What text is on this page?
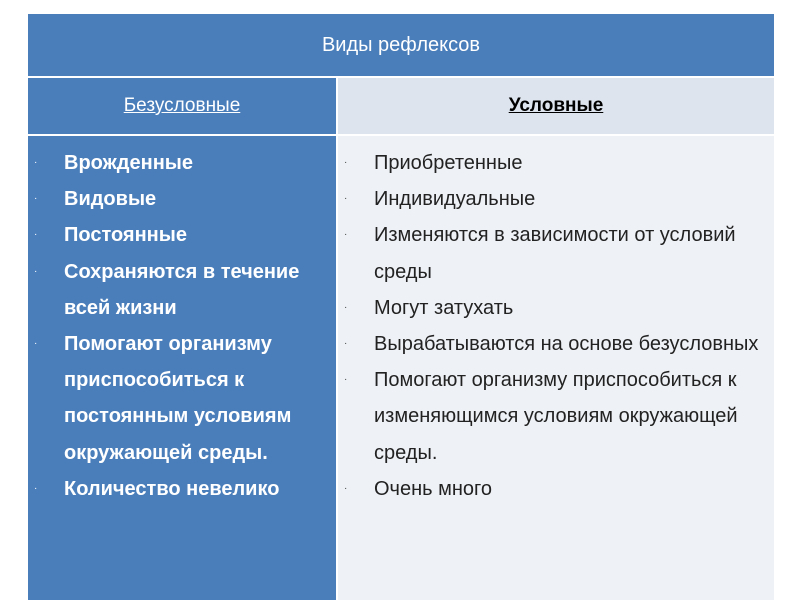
Виды рефлексов
Безусловные	Условные
· Врожденные
· Видовые
· Постоянные
· Сохраняются в течение всей жизни
· Помогают организму приспособиться к постоянным условиям окружающей среды.
· Количество невелико
· Приобретенные
· Индивидуальные
· Изменяются в зависимости от условий среды
· Могут затухать
· Вырабатываются на основе безусловных
· Помогают организму приспособиться к изменяющимся условиям окружающей среды.
· Очень много
